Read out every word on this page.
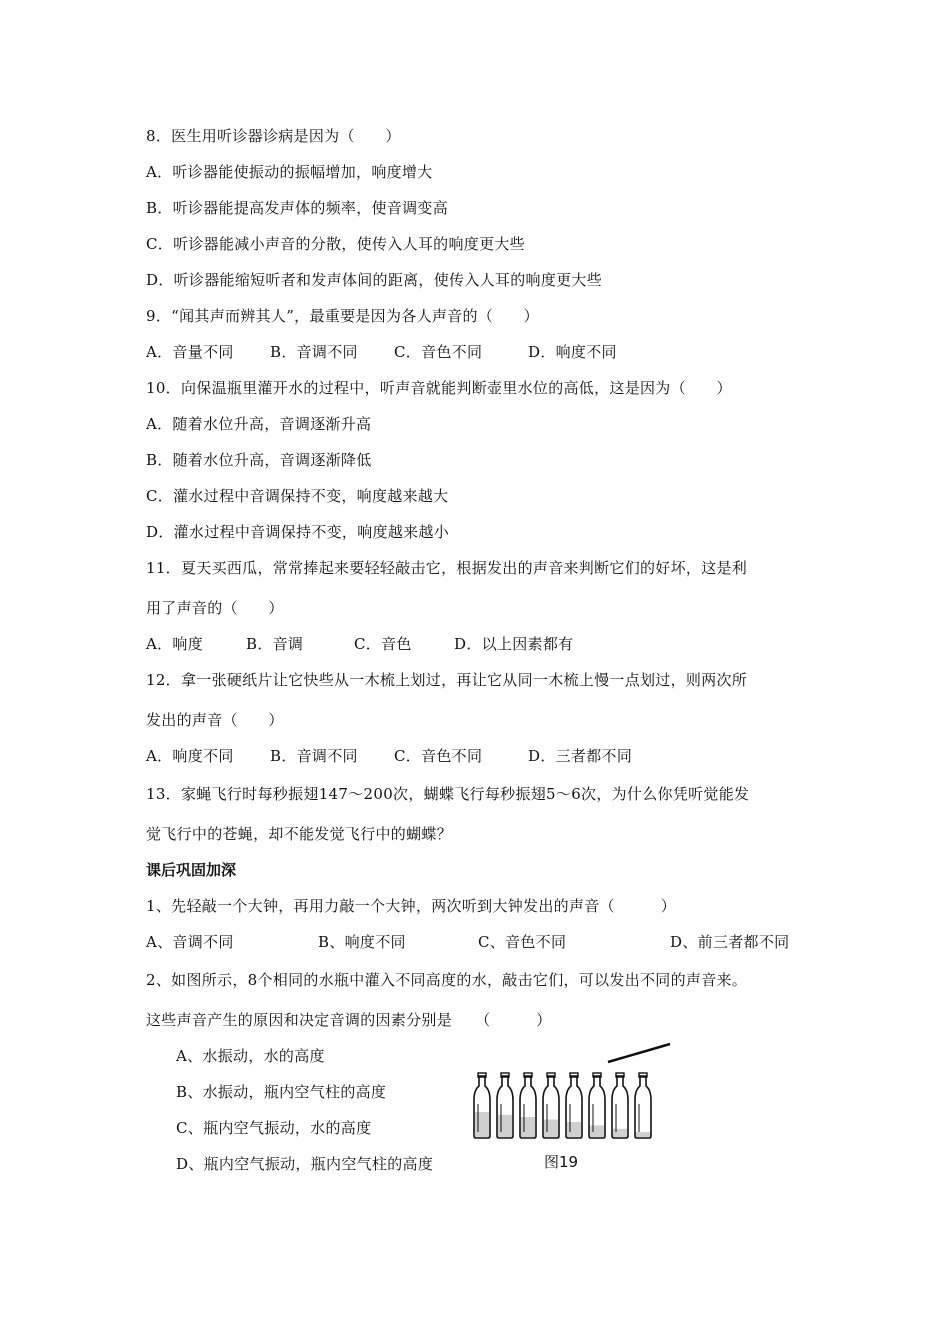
8．医生用听诊器诊病是因为（　　）
A．听诊器能使振动的振幅增加，响度增大
B．听诊器能提高发声体的频率，使音调变高
C．听诊器能减小声音的分散，使传入人耳的响度更大些
D．听诊器能缩短听者和发声体间的距离，使传入人耳的响度更大些
9．“闻其声而辨其人”，最重要是因为各人声音的（　　）
A．音量不同 B．音调不同 C．音色不同	D．响度不同
10．向保温瓶里灌开水的过程中，听声音就能判断壶里水位的高低，这是因为（　　）
A．随着水位升高，音调逐渐升高
B．随着水位升高，音调逐渐降低
C．灌水过程中音调保持不变，响度越来越大
D．灌水过程中音调保持不变，响度越来越小
11．夏天买西瓜，常常捧起来要轻轻敲击它，根据发出的声音来判断它们的好坏，这是利
用了声音的（　　）
A．响度	B．音调	C．音色	D．以上因素都有
12．拿一张硬纸片让它快些从一木梳上划过，再让它从同一木梳上慢一点划过，则两次所
发出的声音（　　）
A．响度不同 B．音调不同 C．音色不同	D．三者都不同
13．家蝇飞行时每秒振翅147～200次，蝴蝶飞行每秒振翅5～6次，为什么你凭听觉能发
觉飞行中的苍蝇，却不能发觉飞行中的蝴蝶？
课后巩固加深
1、先轻敲一个大钟，再用力敲一个大钟，两次听到大钟发出的声音（　　　）
A、音调不同	B、响度不同	C、音色不同	D、前三者都不同
2、如图所示，8个相同的水瓶中灌入不同高度的水，敲击它们，可以发出不同的声音来。
这些声音产生的原因和决定音调的因素分别是　　（　　　）
A、水振动，水的高度
B、水振动，瓶内空气柱的高度
C、瓶内空气振动，水的高度
D、瓶内空气振动，瓶内空气柱的高度	图19
